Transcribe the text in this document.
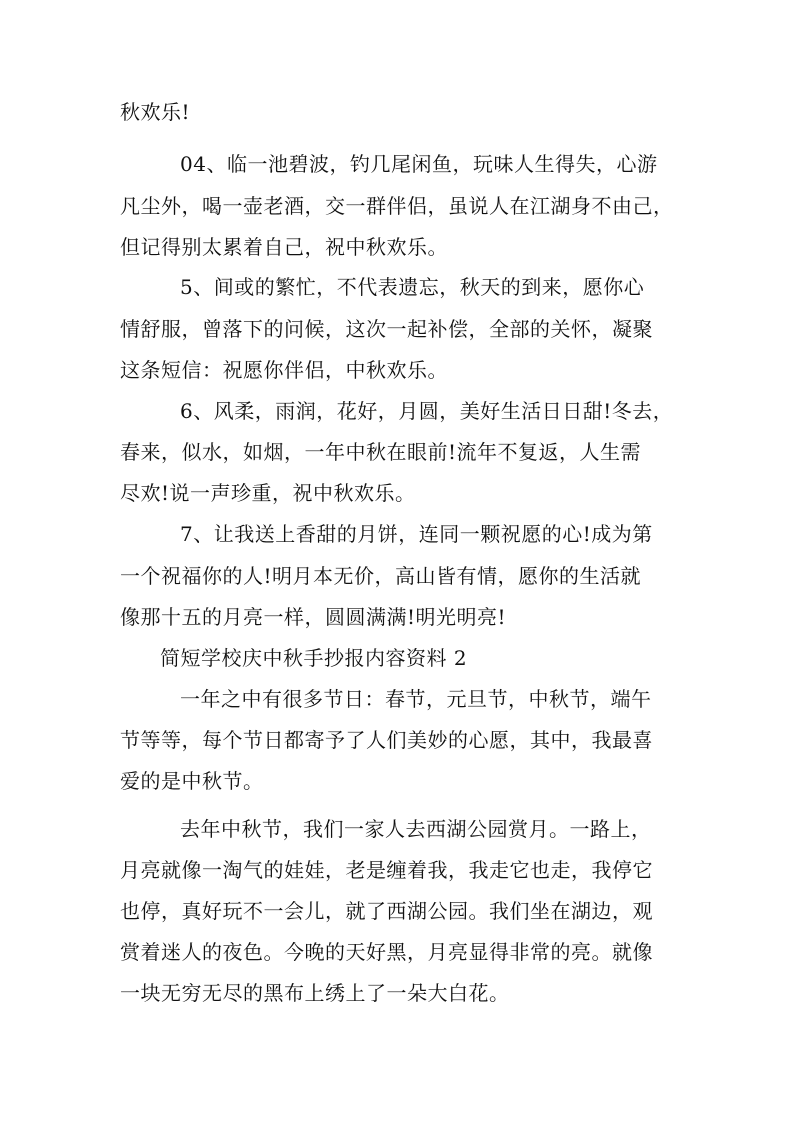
秋欢乐!
04、临一池碧波，钓几尾闲鱼，玩味人生得失，心游
凡尘外，喝一壶老酒，交一群伴侣，虽说人在江湖身不由己，
但记得别太累着自己，祝中秋欢乐。
5、间或的繁忙，不代表遗忘，秋天的到来，愿你心
情舒服，曾落下的问候，这次一起补偿，全部的关怀，凝聚
这条短信：祝愿你伴侣，中秋欢乐。
6、风柔，雨润，花好，月圆，美好生活日日甜!冬去，
春来，似水，如烟，一年中秋在眼前!流年不复返，人生需
尽欢!说一声珍重，祝中秋欢乐。
7、让我送上香甜的月饼，连同一颗祝愿的心!成为第
一个祝福你的人!明月本无价，高山皆有情，愿你的生活就
像那十五的月亮一样，圆圆满满!明光明亮!
简短学校庆中秋手抄报内容资料 2
一年之中有很多节日：春节，元旦节，中秋节，端午
节等等，每个节日都寄予了人们美妙的心愿，其中，我最喜
爱的是中秋节。
去年中秋节，我们一家人去西湖公园赏月。一路上，
月亮就像一淘气的娃娃，老是缠着我，我走它也走，我停它
也停，真好玩不一会儿，就了西湖公园。我们坐在湖边，观
赏着迷人的夜色。今晚的天好黑，月亮显得非常的亮。就像
一块无穷无尽的黑布上绣上了一朵大白花。
